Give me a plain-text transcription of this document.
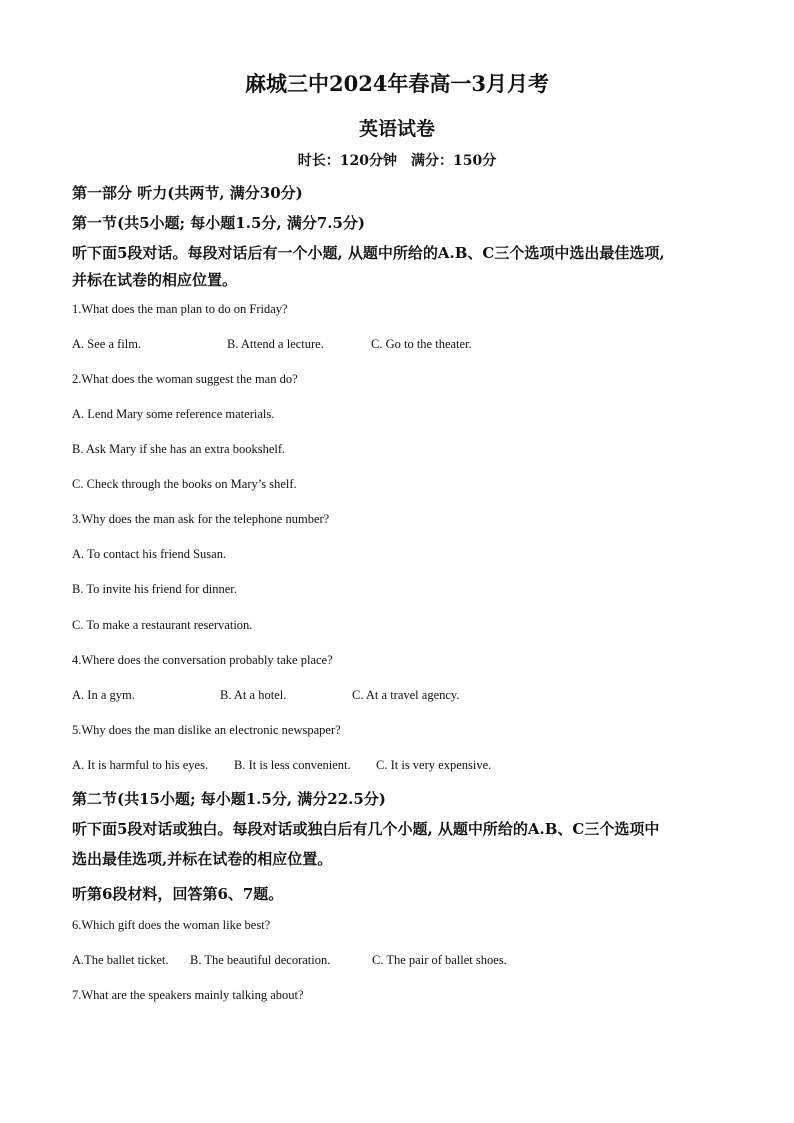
麻城三中2024年春高一3月月考
英语试卷
时长：120分钟　满分：150分
第一部分 听力(共两节, 满分30分)
第一节(共5小题; 每小题1.5分, 满分7.5分)
听下面5段对话。每段对话后有一个小题, 从题中所给的A.B、C三个选项中选出最佳选项,
并标在试卷的相应位置。
1.What does the man plan to do on Friday?
A. See a film.	B. Attend a lecture.	C. Go to the theater.
2.What does the woman suggest the man do?
A. Lend Mary some reference materials.
B. Ask Mary if she has an extra bookshelf.
C. Check through the books on Mary’s shelf.
3.Why does the man ask for the telephone number?
A. To contact his friend Susan.
B. To invite his friend for dinner.
C. To make a restaurant reservation.
4.Where does the conversation probably take place?
A. In a gym.	B. At a hotel.	C. At a travel agency.
5.Why does the man dislike an electronic newspaper?
A. It is harmful to his eyes. B. It is less convenient. C. It is very expensive.
第二节(共15小题; 每小题1.5分, 满分22.5分)
听下面5段对话或独白。每段对话或独白后有几个小题, 从题中所给的A.B、C三个选项中
选出最佳选项,并标在试卷的相应位置。
听第6段材料，回答第6、7题。
6.Which gift does the woman like best?
A.The ballet ticket. B. The beautiful decoration.	C. The pair of ballet shoes.
7.What are the speakers mainly talking about?
